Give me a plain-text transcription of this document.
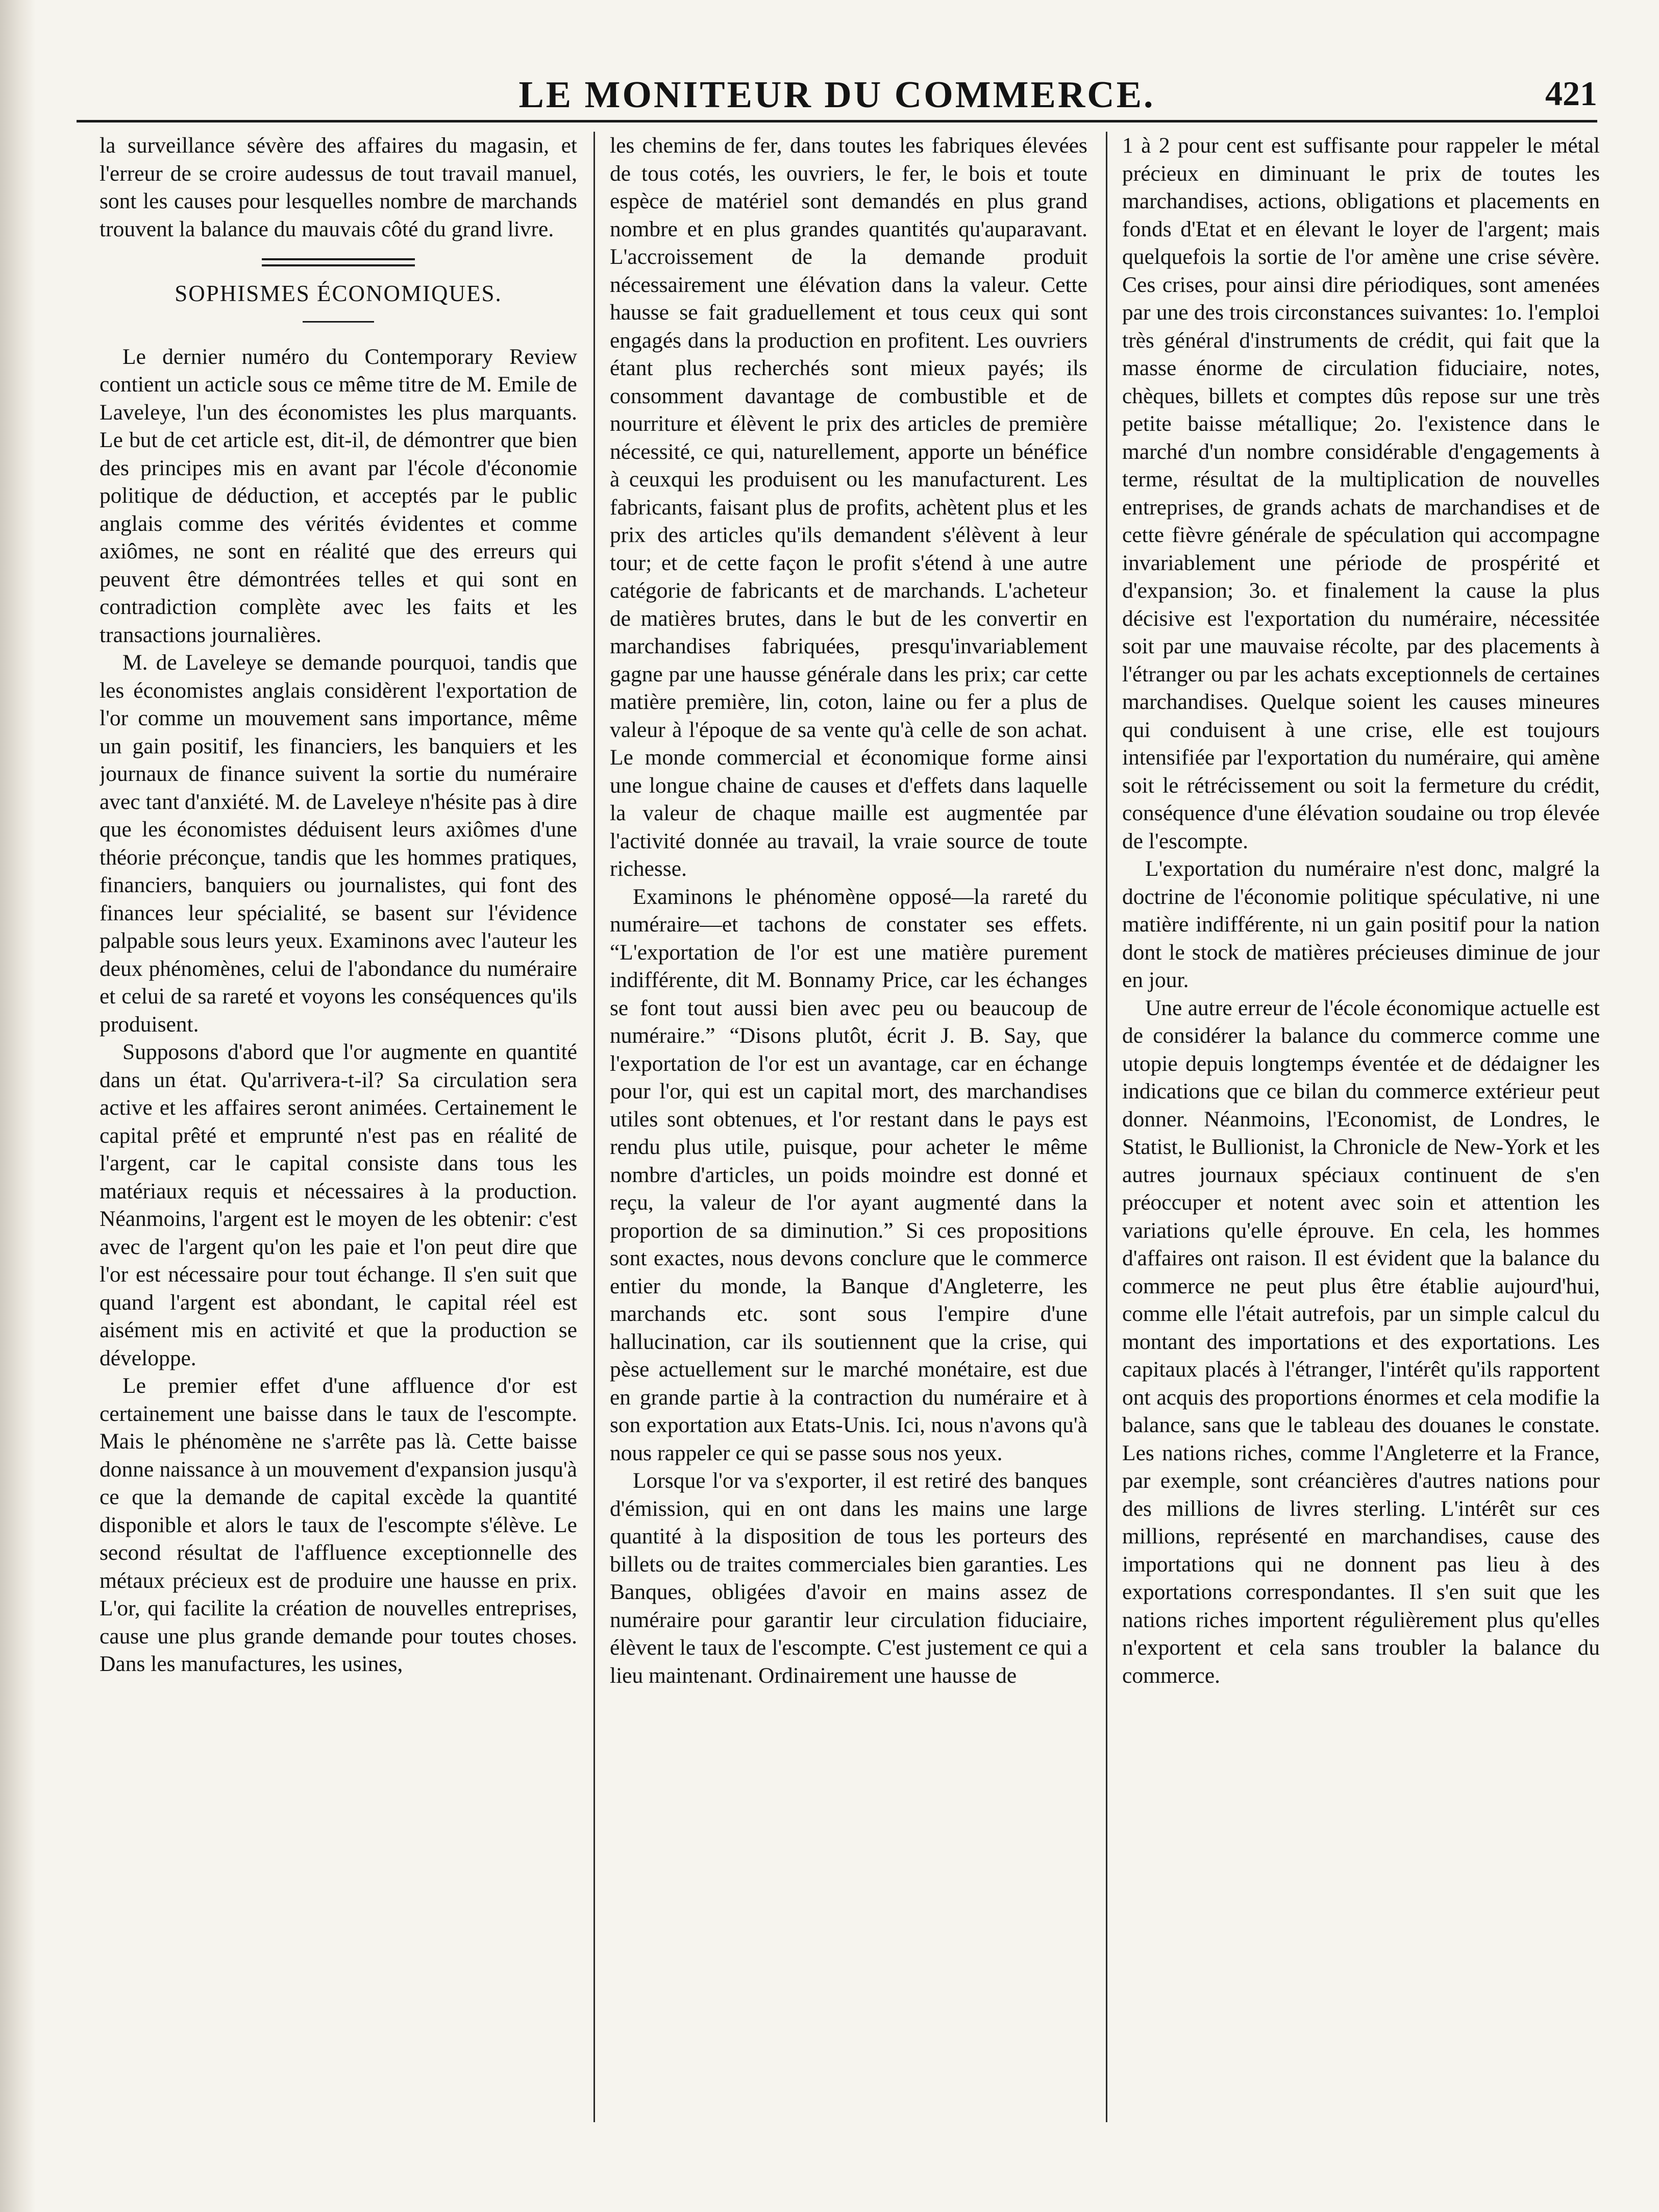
LE MONITEUR DU COMMERCE.	421

la surveillance sévère des affaires du magasin, et l'erreur de se croire audessus de tout travail manuel, sont les causes pour lesquelles nombre de marchands trouvent la balance du mauvais côté du grand livre.

SOPHISMES ÉCONOMIQUES.

Le dernier numéro du Contemporary Review contient un acticle sous ce même titre de M. Emile de Laveleye, l'un des économistes les plus marquants. Le but de cet article est, dit-il, de démontrer que bien des principes mis en avant par l'école d'économie politique de déduction, et acceptés par le public anglais comme des vérités évidentes et comme axiômes, ne sont en réalité que des erreurs qui peuvent être démontrées telles et qui sont en contradiction complète avec les faits et les transactions journalières.

M. de Laveleye se demande pourquoi, tandis que les économistes anglais considèrent l'exportation de l'or comme un mouvement sans importance, même un gain positif, les financiers, les banquiers et les journaux de finance suivent la sortie du numéraire avec tant d'anxiété. M. de Laveleye n'hésite pas à dire que les économistes déduisent leurs axiômes d'une théorie préconçue, tandis que les hommes pratiques, financiers, banquiers ou journalistes, qui font des finances leur spécialité, se basent sur l'évidence palpable sous leurs yeux. Examinons avec l'auteur les deux phénomènes, celui de l'abondance du numéraire et celui de sa rareté et voyons les conséquences qu'ils produisent.

Supposons d'abord que l'or augmente en quantité dans un état. Qu'arrivera-t-il? Sa circulation sera active et les affaires seront animées. Certainement le capital prêté et emprunté n'est pas en réalité de l'argent, car le capital consiste dans tous les matériaux requis et nécessaires à la production. Néanmoins, l'argent est le moyen de les obtenir: c'est avec de l'argent qu'on les paie et l'on peut dire que l'or est nécessaire pour tout échange. Il s'en suit que quand l'argent est abondant, le capital réel est aisément mis en activité et que la production se développe.

Le premier effet d'une affluence d'or est certainement une baisse dans le taux de l'escompte. Mais le phénomène ne s'arrête pas là. Cette baisse donne naissance à un mouvement d'expansion jusqu'à ce que la demande de capital excède la quantité disponible et alors le taux de l'escompte s'élève. Le second résultat de l'affluence exceptionnelle des métaux précieux est de produire une hausse en prix. L'or, qui facilite la création de nouvelles entreprises, cause une plus grande demande pour toutes choses. Dans les manufactures, les usines,

les chemins de fer, dans toutes les fabriques élevées de tous cotés, les ouvriers, le fer, le bois et toute espèce de matériel sont demandés en plus grand nombre et en plus grandes quantités qu'auparavant. L'accroissement de la demande produit nécessairement une élévation dans la valeur. Cette hausse se fait graduellement et tous ceux qui sont engagés dans la production en profitent. Les ouvriers étant plus recherchés sont mieux payés; ils consomment davantage de combustible et de nourriture et élèvent le prix des articles de première nécessité, ce qui, naturellement, apporte un bénéfice à ceuxqui les produisent ou les manufacturent. Les fabricants, faisant plus de profits, achètent plus et les prix des articles qu'ils demandent s'élèvent à leur tour; et de cette façon le profit s'étend à une autre catégorie de fabricants et de marchands. L'acheteur de matières brutes, dans le but de les convertir en marchandises fabriquées, presqu'invariablement gagne par une hausse générale dans les prix; car cette matière première, lin, coton, laine ou fer a plus de valeur à l'époque de sa vente qu'à celle de son achat. Le monde commercial et économique forme ainsi une longue chaine de causes et d'effets dans laquelle la valeur de chaque maille est augmentée par l'activité donnée au travail, la vraie source de toute richesse.

Examinons le phénomène opposé—la rareté du numéraire—et tachons de constater ses effets. “L'exportation de l'or est une matière purement indifférente, dit M. Bonnamy Price, car les échanges se font tout aussi bien avec peu ou beaucoup de numéraire.” “Disons plutôt, écrit J. B. Say, que l'exportation de l'or est un avantage, car en échange pour l'or, qui est un capital mort, des marchandises utiles sont obtenues, et l'or restant dans le pays est rendu plus utile, puisque, pour acheter le même nombre d'articles, un poids moindre est donné et reçu, la valeur de l'or ayant augmenté dans la proportion de sa diminution.” Si ces propositions sont exactes, nous devons conclure que le commerce entier du monde, la Banque d'Angleterre, les marchands etc. sont sous l'empire d'une hallucination, car ils soutiennent que la crise, qui pèse actuellement sur le marché monétaire, est due en grande partie à la contraction du numéraire et à son exportation aux Etats-Unis. Ici, nous n'avons qu'à nous rappeler ce qui se passe sous nos yeux.

Lorsque l'or va s'exporter, il est retiré des banques d'émission, qui en ont dans les mains une large quantité à la disposition de tous les porteurs des billets ou de traites commerciales bien garanties. Les Banques, obligées d'avoir en mains assez de numéraire pour garantir leur circulation fiduciaire, élèvent le taux de l'escompte. C'est justement ce qui a lieu maintenant. Ordinairement une hausse de

1 à 2 pour cent est suffisante pour rappeler le métal précieux en diminuant le prix de toutes les marchandises, actions, obligations et placements en fonds d'Etat et en élevant le loyer de l'argent; mais quelquefois la sortie de l'or amène une crise sévère. Ces crises, pour ainsi dire périodiques, sont amenées par une des trois circonstances suivantes: 1o. l'emploi très général d'instruments de crédit, qui fait que la masse énorme de circulation fiduciaire, notes, chèques, billets et comptes dûs repose sur une très petite baisse métallique; 2o. l'existence dans le marché d'un nombre considérable d'engagements à terme, résultat de la multiplication de nouvelles entreprises, de grands achats de marchandises et de cette fièvre générale de spéculation qui accompagne invariablement une période de prospérité et d'expansion; 3o. et finalement la cause la plus décisive est l'exportation du numéraire, nécessitée soit par une mauvaise récolte, par des placements à l'étranger ou par les achats exceptionnels de certaines marchandises. Quelque soient les causes mineures qui conduisent à une crise, elle est toujours intensifiée par l'exportation du numéraire, qui amène soit le rétrécissement ou soit la fermeture du crédit, conséquence d'une élévation soudaine ou trop élevée de l'escompte.

L'exportation du numéraire n'est donc, malgré la doctrine de l'économie politique spéculative, ni une matière indifférente, ni un gain positif pour la nation dont le stock de matières précieuses diminue de jour en jour.

Une autre erreur de l'école économique actuelle est de considérer la balance du commerce comme une utopie depuis longtemps éventée et de dédaigner les indications que ce bilan du commerce extérieur peut donner. Néanmoins, l'Economist, de Londres, le Statist, le Bullionist, la Chronicle de New-York et les autres journaux spéciaux continuent de s'en préoccuper et notent avec soin et attention les variations qu'elle éprouve. En cela, les hommes d'affaires ont raison. Il est évident que la balance du commerce ne peut plus être établie aujourd'hui, comme elle l'était autrefois, par un simple calcul du montant des importations et des exportations. Les capitaux placés à l'étranger, l'intérêt qu'ils rapportent ont acquis des proportions énormes et cela modifie la balance, sans que le tableau des douanes le constate. Les nations riches, comme l'Angleterre et la France, par exemple, sont créancières d'autres nations pour des millions de livres sterling. L'intérêt sur ces millions, représenté en marchandises, cause des importations qui ne donnent pas lieu à des exportations correspondantes. Il s'en suit que les nations riches importent régulièrement plus qu'elles n'exportent et cela sans troubler la balance du commerce.
